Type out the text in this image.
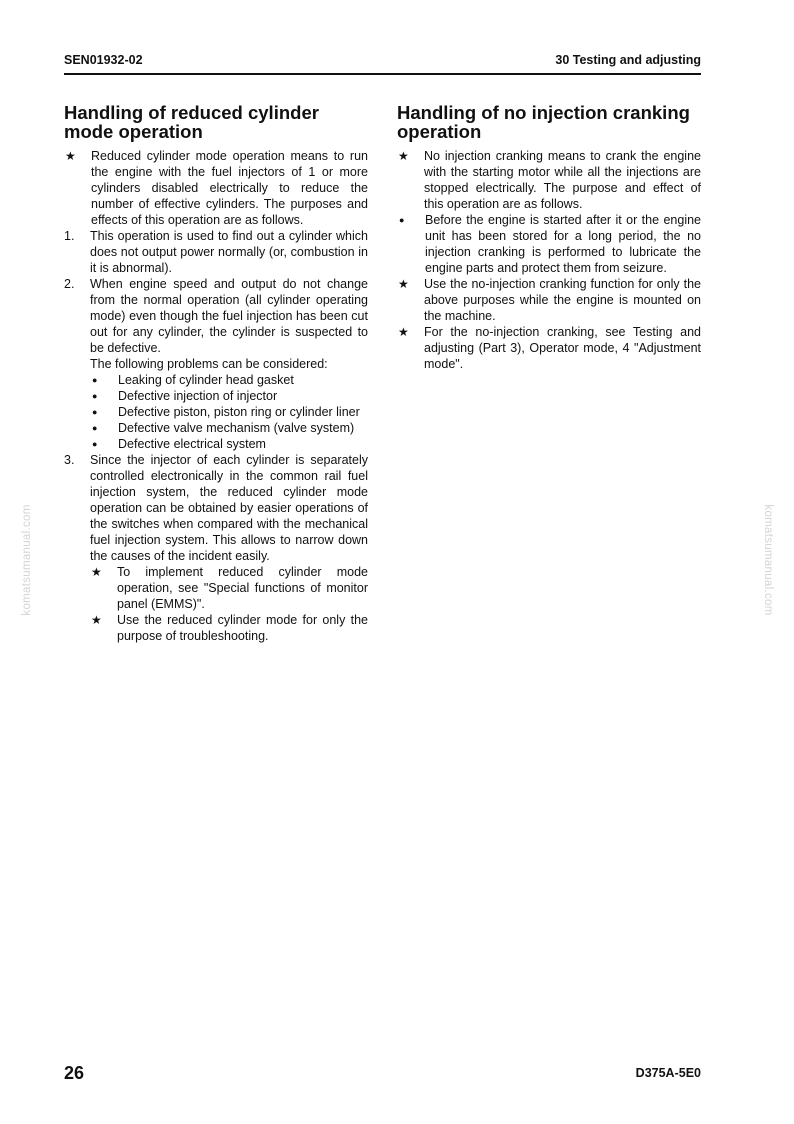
SEN01932-02	30 Testing and adjusting
komatsumanual.com	komatsumanual.com
Handling of reduced cylinder
mode operation
★	Reduced cylinder mode operation means to run the engine with the fuel injectors of 1 or more cylinders disabled electrically to reduce the number of effective cylinders. The purposes and effects of this operation are as follows.
1.	This operation is used to find out a cylinder which does not output power normally (or, combustion in it is abnormal).
2.	When engine speed and output do not change from the normal operation (all cylinder operating mode) even though the fuel injection has been cut out for any cylinder, the cylinder is suspected to be defective.
The following problems can be considered:
●	Leaking of cylinder head gasket
●	Defective injection of injector
●	Defective piston, piston ring or cylinder liner
●	Defective valve mechanism (valve system)
●	Defective electrical system
3.	Since the injector of each cylinder is separately controlled electronically in the common rail fuel injection system, the reduced cylinder mode operation can be obtained by easier operations of the switches when compared with the mechanical fuel injection system. This allows to narrow down the causes of the incident easily.
★	To implement reduced cylinder mode operation, see "Special functions of monitor panel (EMMS)".
★	Use the reduced cylinder mode for only the purpose of troubleshooting.
Handling of no injection cranking
operation
★	No injection cranking means to crank the engine with the starting motor while all the injections are stopped electrically. The purpose and effect of this operation are as follows.
●	Before the engine is started after it or the engine unit has been stored for a long period, the no injection cranking is performed to lubricate the engine parts and protect them from seizure.
★	Use the no-injection cranking function for only the above purposes while the engine is mounted on the machine.
★	For the no-injection cranking, see Testing and adjusting (Part 3), Operator mode, 4 "Adjustment mode".
26	D375A-5E0
